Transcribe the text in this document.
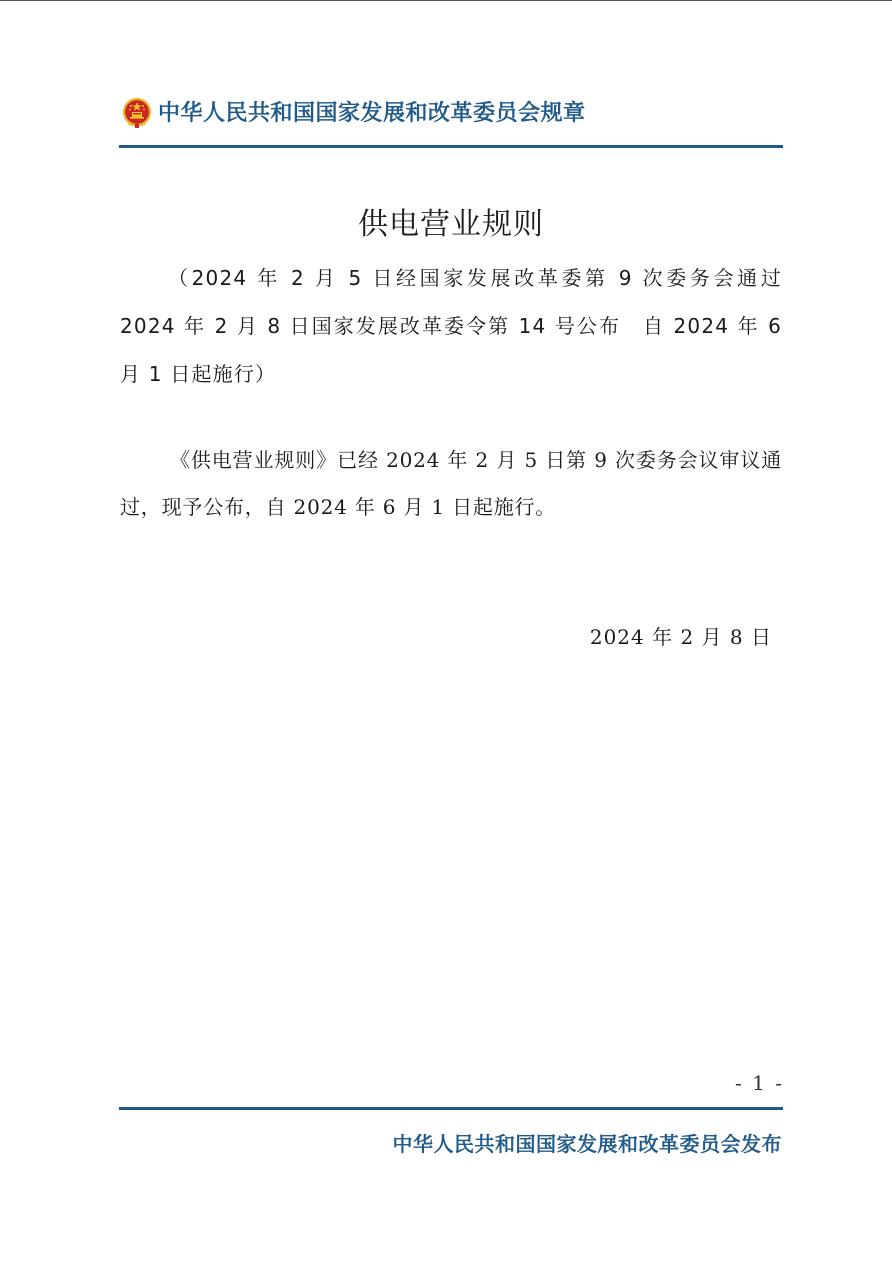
中华人民共和国国家发展和改革委员会规章
供电营业规则
（2024 年 2 月 5 日经国家发展改革委第 9 次委务会通过 2024 年 2 月 8 日国家发展改革委令第 14 号公布　自 2024 年 6 月 1 日起施行）
《供电营业规则》已经 2024 年 2 月 5 日第 9 次委务会议审议通过，现予公布，自 2024 年 6 月 1 日起施行。
2024 年 2 月 8 日
- 1 -
中华人民共和国国家发展和改革委员会发布
